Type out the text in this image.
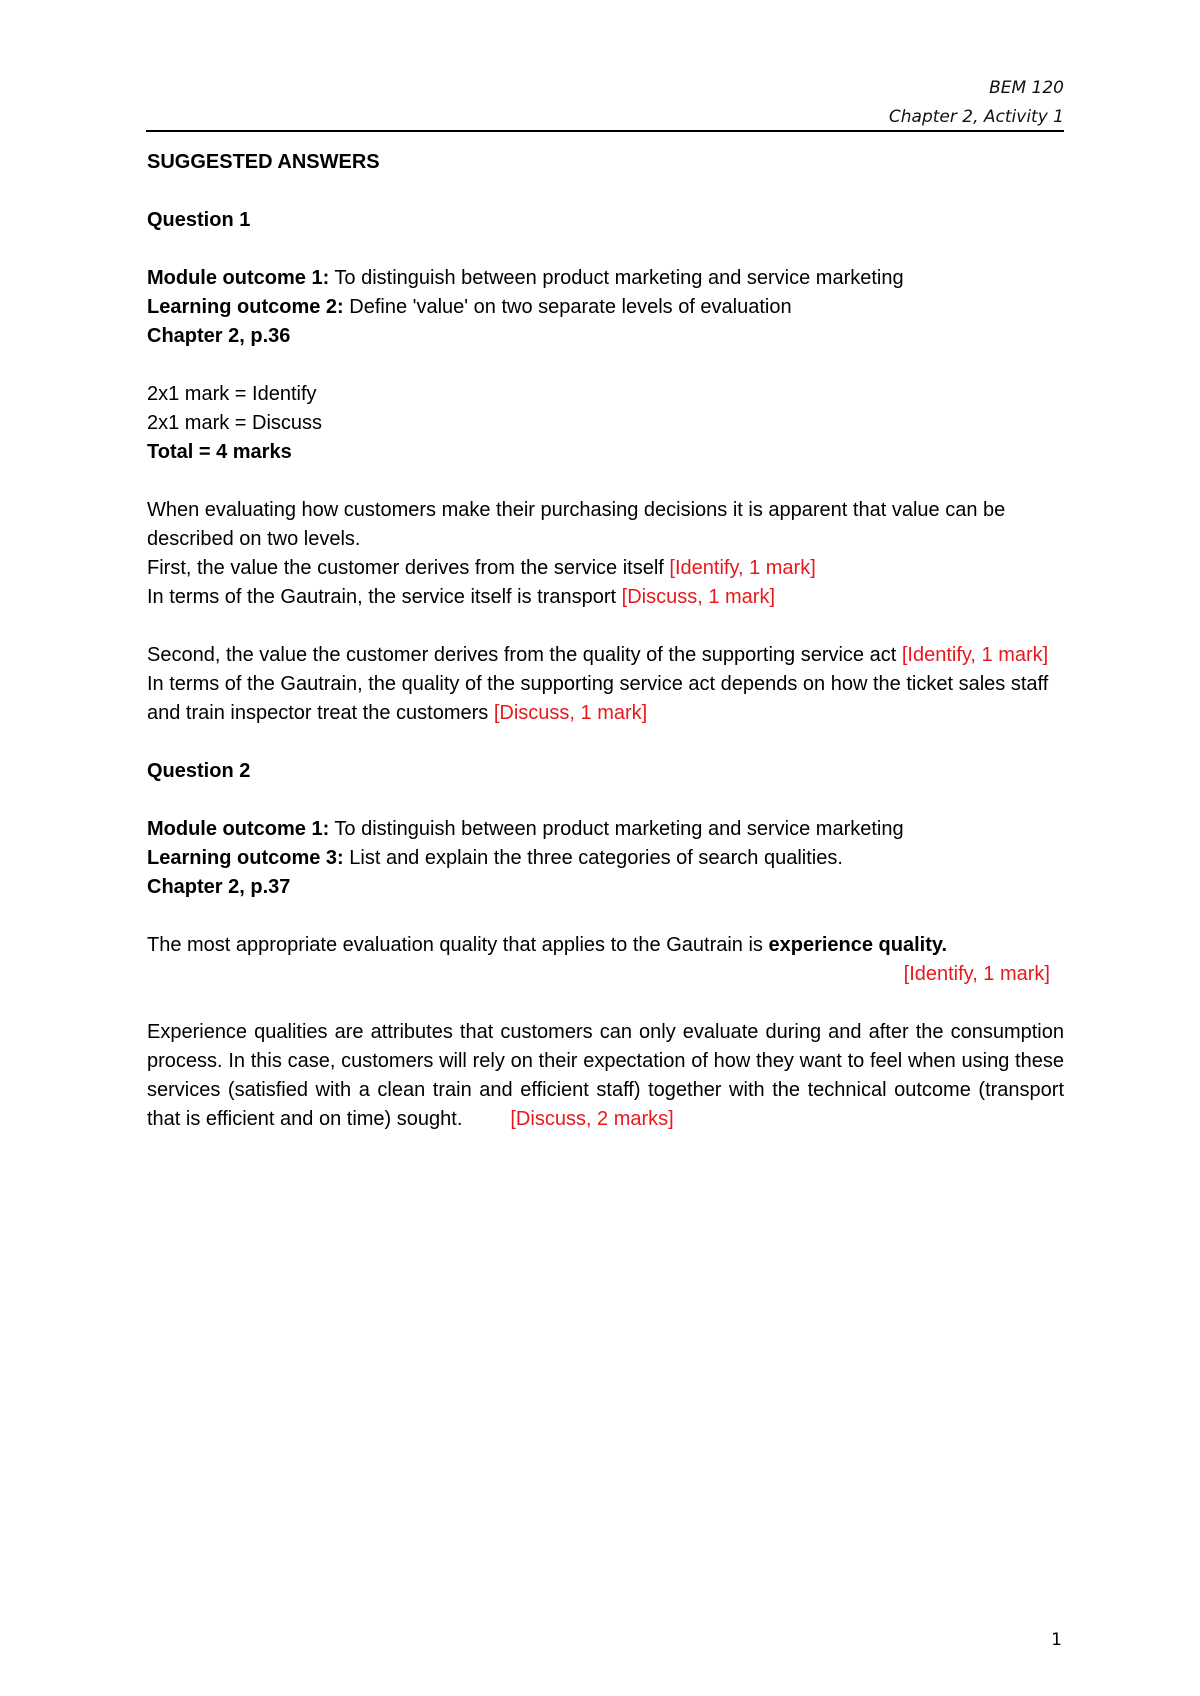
BEM 120
Chapter 2, Activity 1

SUGGESTED ANSWERS

Question 1

Module outcome 1: To distinguish between product marketing and service marketing

Learning outcome 2: Define 'value' on two separate levels of evaluation

Chapter 2, p.36

2x1 mark = Identify

2x1 mark = Discuss

Total = 4 marks

When evaluating how customers make their purchasing decisions it is apparent that value can be described on two levels.

First, the value the customer derives from the service itself [Identify, 1 mark]

In terms of the Gautrain, the service itself is transport [Discuss, 1 mark]

Second, the value the customer derives from the quality of the supporting service act [Identify, 1 mark]

In terms of the Gautrain, the quality of the supporting service act depends on how the ticket sales staff and train inspector treat the customers [Discuss, 1 mark]

Question 2

Module outcome 1: To distinguish between product marketing and service marketing

Learning outcome 3: List and explain the three categories of search qualities.

Chapter 2, p.37

The most appropriate evaluation quality that applies to the Gautrain is experience quality.

[Identify, 1 mark]

Experience qualities are attributes that customers can only evaluate during and after the consumption process. In this case, customers will rely on their expectation of how they want to feel when using these services (satisfied with a clean train and efficient staff) together with the technical outcome (transport that is efficient and on time) sought. [Discuss, 2 marks]

1
